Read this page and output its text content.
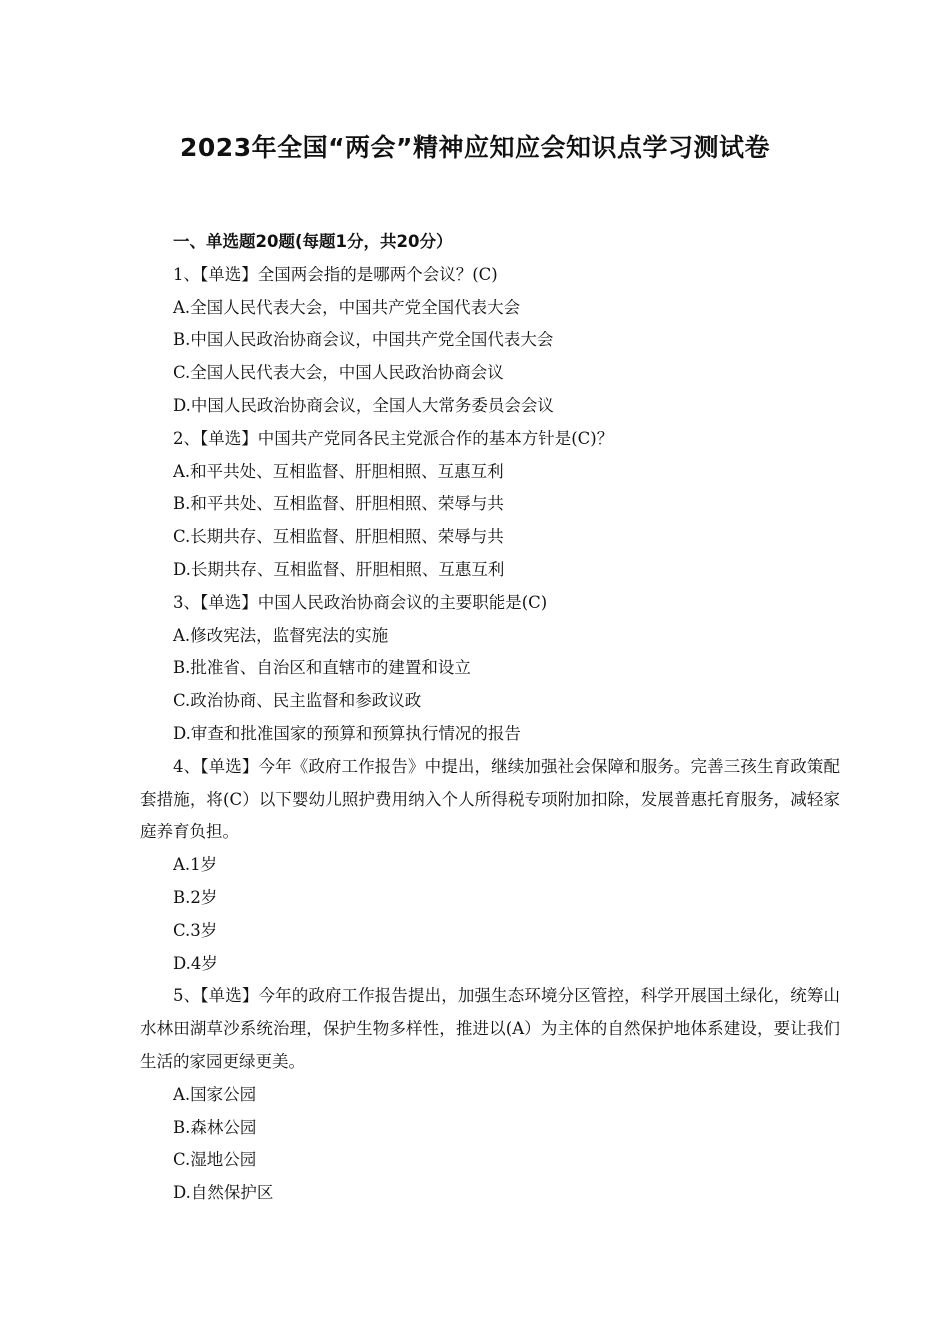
2023年全国“两会”精神应知应会知识点学习测试卷
一、单选题20题(每题1分，共20分）
1、【单选】全国两会指的是哪两个会议？(C)
A.全国人民代表大会，中国共产党全国代表大会
B.中国人民政治协商会议，中国共产党全国代表大会
C.全国人民代表大会，中国人民政治协商会议
D.中国人民政治协商会议，全国人大常务委员会会议
2、【单选】中国共产党同各民主党派合作的基本方针是(C)？
A.和平共处、互相监督、肝胆相照、互惠互利
B.和平共处、互相监督、肝胆相照、荣辱与共
C.长期共存、互相监督、肝胆相照、荣辱与共
D.长期共存、互相监督、肝胆相照、互惠互利
3、【单选】中国人民政治协商会议的主要职能是(C)
A.修改宪法，监督宪法的实施
B.批准省、自治区和直辖市的建置和设立
C.政治协商、民主监督和参政议政
D.审查和批准国家的预算和预算执行情况的报告
4、【单选】今年《政府工作报告》中提出，继续加强社会保障和服务。完善三孩生育政策配套措施，将(C）以下婴幼儿照护费用纳入个人所得税专项附加扣除，发展普惠托育服务，减轻家庭养育负担。
A.1岁
B.2岁
C.3岁
D.4岁
5、【单选】今年的政府工作报告提出，加强生态环境分区管控，科学开展国土绿化，统筹山水林田湖草沙系统治理，保护生物多样性，推进以(A）为主体的自然保护地体系建设，要让我们生活的家园更绿更美。
A.国家公园
B.森林公园
C.湿地公园
D.自然保护区
